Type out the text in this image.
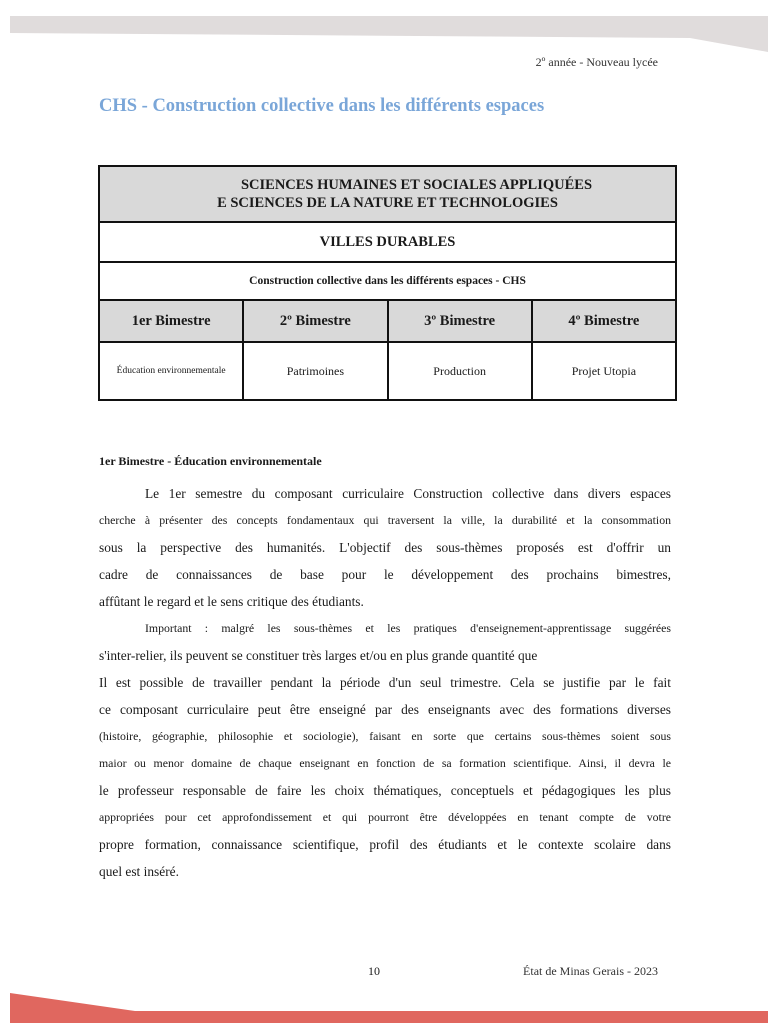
2º année - Nouveau lycée
CHS - Construction collective dans les différents espaces
SCIENCES HUMAINES ET SOCIALES APPLIQUÉES
E SCIENCES DE LA NATURE ET TECHNOLOGIES			

VILLES DURABLES			
Construction collective dans les différents espaces - CHS			
1er Bimestre	2º Bimestre	3º Bimestre	4º Bimestre
Éducation environnementale	Patrimoines	Production	Projet Utopia
1er Bimestre - Éducation environnementale
Le 1er semestre du composant curriculaire Construction collective dans divers espaces
cherche à présenter des concepts fondamentaux qui traversent la ville, la durabilité et la consommation
sous la perspective des humanités. L'objectif des sous-thèmes proposés est d'offrir un
cadre de connaissances de base pour le développement des prochains bimestres,
affûtant le regard et le sens critique des étudiants.
Important : malgré les sous-thèmes et les pratiques d'enseignement-apprentissage suggérées
s'inter-relier, ils peuvent se constituer très larges et/ou en plus grande quantité que
Il est possible de travailler pendant la période d'un seul trimestre. Cela se justifie par le fait
ce composant curriculaire peut être enseigné par des enseignants avec des formations diverses
(histoire, géographie, philosophie et sociologie), faisant en sorte que certains sous-thèmes soient sous
maior ou menor domaine de chaque enseignant en fonction de sa formation scientifique. Ainsi, il devra le
le professeur responsable de faire les choix thématiques, conceptuels et pédagogiques les plus
appropriées pour cet approfondissement et qui pourront être développées en tenant compte de votre
propre formation, connaissance scientifique, profil des étudiants et le contexte scolaire dans
quel est inséré.
10	État de Minas Gerais - 2023
